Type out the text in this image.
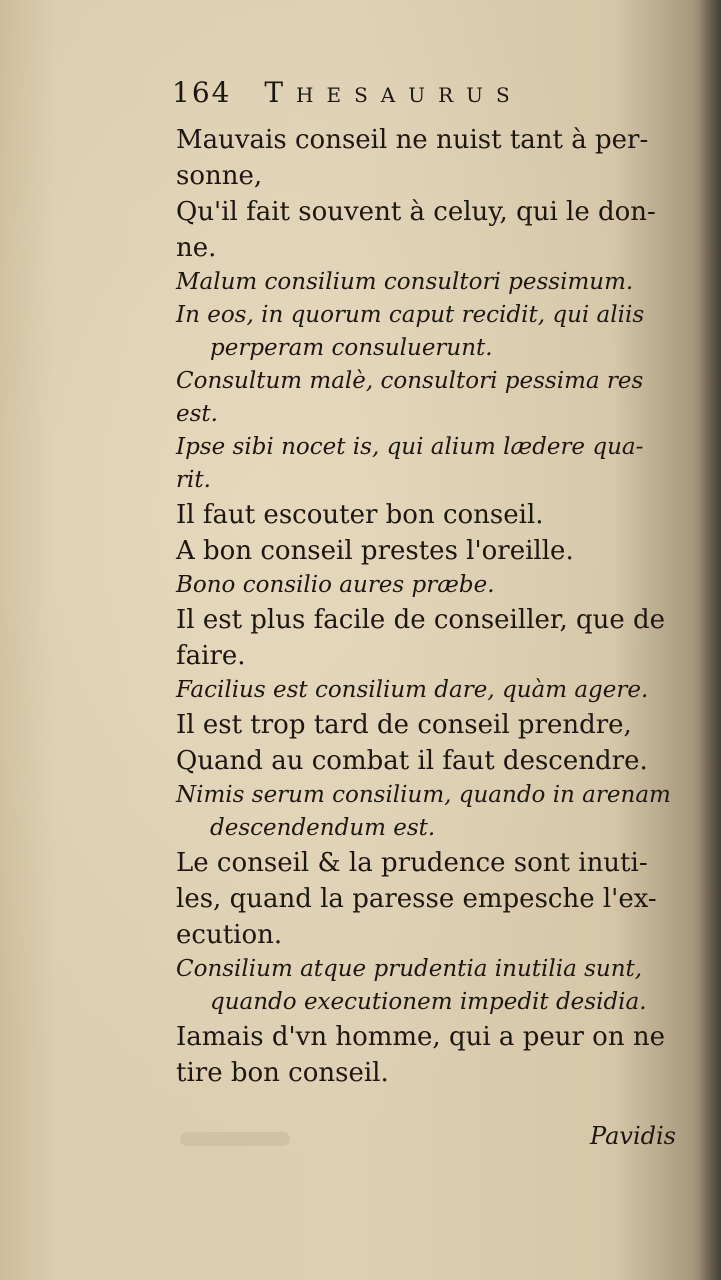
164 Thesaurus

Mauvais conseil ne nuist tant à per-

sonne,

Qu'il fait souvent à celuy, qui le don-

ne.

Malum consilium consultori pessimum.

In eos, in quorum caput recidit, qui aliis

perperam consuluerunt.

Consultum malè, consultori pessima res

est.

Ipse sibi nocet is, qui alium lædere qua-

rit.

Il faut escouter bon conseil.

A bon conseil prestes l'oreille.

Bono consilio aures præbe.

Il est plus facile de conseiller, que de

faire.

Facilius est consilium dare, quàm agere.

Il est trop tard de conseil prendre,

Quand au combat il faut descendre.

Nimis serum consilium, quando in arenam

descendendum est.

Le conseil & la prudence sont inuti-

les, quand la paresse empesche l'ex-

ecution.

Consilium atque prudentia inutilia sunt,

quando executionem impedit desidia.

Iamais d'vn homme, qui a peur on ne

tire bon conseil.

Pavidis
